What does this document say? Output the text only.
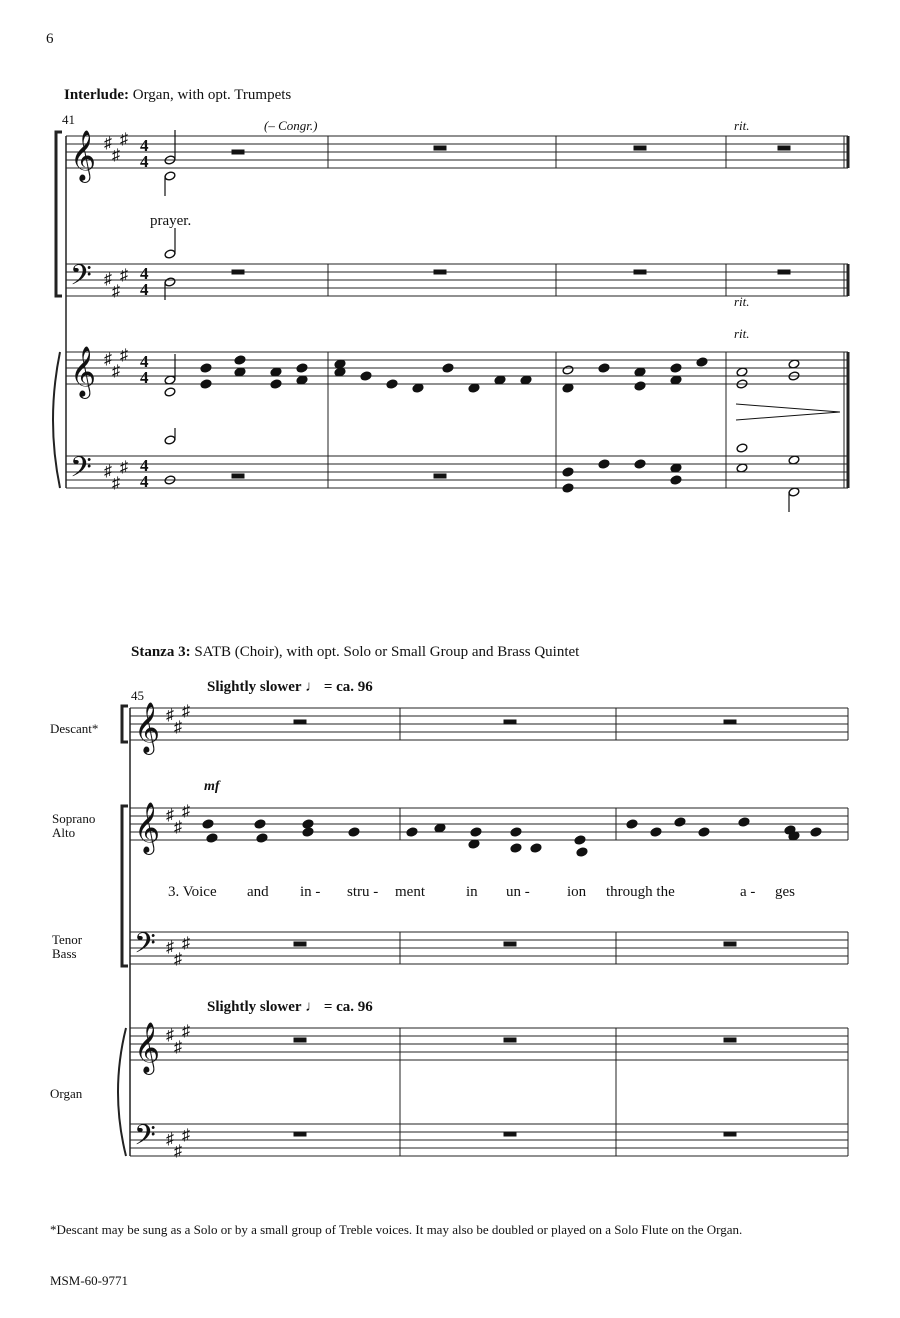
6
Interlude: Organ, with opt. Trumpets
41	(– Congr.)	rit.
prayer.
rit.
rit.
Stanza 3: SATB (Choir), with opt. Solo or Small Group and Brass Quintet
45
Slightly slower ♩ = ca. 96
Slightly slower ♩ = ca. 96
mf
Descant*
Soprano
Alto
Tenor
Bass
Organ
3. Voice and in - stru - ment	in un - ion through the	a - ges
*Descant may be sung as a Solo or by a small group of Treble voices. It may also be doubled or played on a Solo Flute on the Organ.
MSM-60-9771
𝄞 ♯
♯
♯ 4
4
𝄢 ♯
♯
♯ 4
4
𝄞 ♯
♯
♯ 4
4
𝄢 ♯
♯
♯ 4
4
𝄞 ♯
♯
♯
𝄞 ♯
♯
♯
𝄢 ♯
♯
♯
𝄞 ♯
♯
♯
𝄢 ♯
♯
♯
